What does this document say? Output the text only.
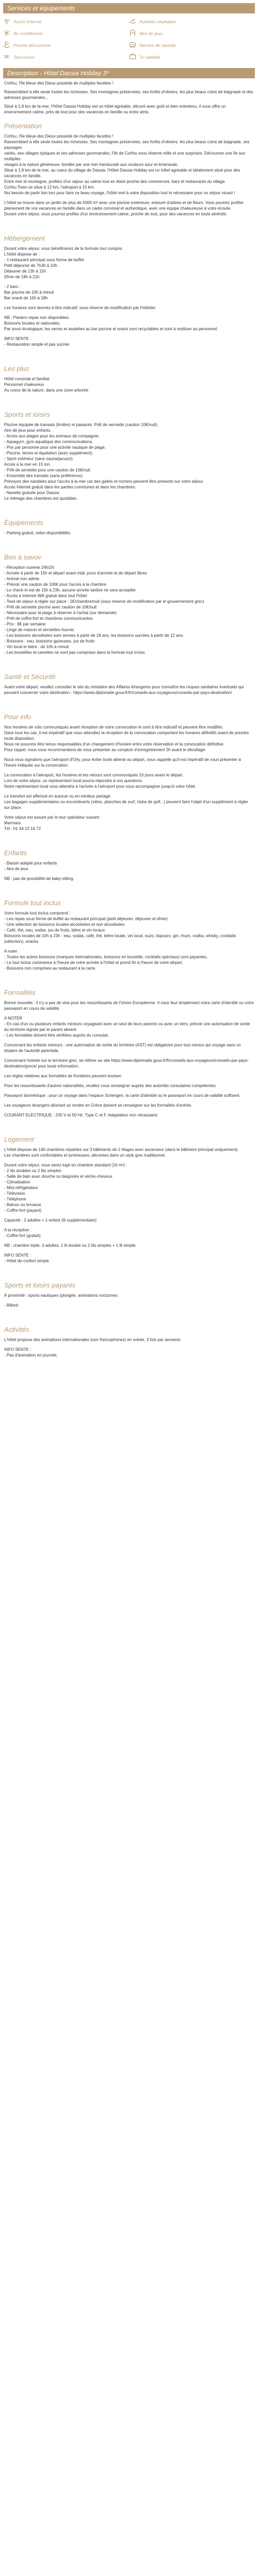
Services et équipements
Accès Internet	Activités nautiques
Air conditionné	Aire de jeux
Piscine découverte	Service de navette
Tout inclus	Tv satellite
Description - Hôtel Dassia Holiday 3*

Corfou, l'île bleue des Dieux possède de multiples facettes !

Rassemblant à elle seule toutes les richesses. Ses montagnes préservées, ses forêts d'oliviers, les plus beaux coins de baignade et des adresses gourmandes...

Situé à 1.8 km de la mer, l'Hôtel Dassia Holiday est un hôtel agréable, décoré avec goût et bien entretenu, il vous offre un environnement calme, près de tout pour des vacances en famille ou entre amis.

Présentation
Corfou, l'île bleue des Dieux possède de multiples facettes !
Rassemblant à elle seule toutes les richesses. Ses montagnes préservées, ses forêts d'oliviers, les plus beaux coins de baignade, ses paysages
variés, ses villages typiques et ses adresses gourmandes, l'île de Corfou vous réserve mille et une surprises. Découvrez une île aux multiples
visages à la nature généreuse, bordée par une mer translucide aux couleurs azur et émeraude.
Situé à 1.8 km de la mer, au coeur du village de Dassia, l'Hôtel Dassia Holiday est un hôtel agréable et idéalement situé pour des
vacances en famille.
Entre mer et montagne, profitez d'un séjour au calme tout en étant proche des commerces, bars et restaurants du village.
Corfou Town se situe à 12 km, l'aéroport à 15 km.
Nul besoin de partir loin lors pour faire ce beau voyage, l'hôtel met à votre disposition tout le nécessaire pour un séjour réussi !
L'hôtel se trouve dans un jardin de plus de 5000 m² avec une piscine extérieure, entouré d'arbres et de fleurs. Vous pourrez profiter
pleinement de vos vacances en famille dans un cadre convivial et authentique, avec une équipe chaleureuse à votre écoute.
Durant votre séjour, vous pourrez profiter d'un environnement calme, proche de tout, pour des vacances en toute sérénité.
Hébergement
Durant votre séjour, vous bénéficierez de la formule tout compris.
L'hôtel dispose de :
- 1 restaurant principal sous forme de buffet
Petit déjeuner de 7h30 à 10h
Déjeuner de 13h à 15h
Dîner de 19h à 21h
- 2 bars :
Bar piscine de 10h à minuit
Bar snack de 10h à 18h
Les horaires sont donnés à titre indicatif, sous réserve de modification par l'hôtelier.
NB : Paniers repas non disponibles.
Boissons locales et nationales.
Par souci écologique, les verres et assiettes au bar piscine et snack sont recyclables et sont à restituer au personnel.
INFO SENTE :
- Restauration simple et pas sucrée.
Les plus
Hôtel convivial et familial
Personnel chaleureux
Au coeur de la nature, dans une zone arborée
Sports et loisirs
Piscine équipée de transats (limités) et parasols. Prêt de serviette (caution 10€/nuit).
Aire de jeux pour enfants.
- Accès aux plages pour les animaux de compagnie.
- Aquagym, gym aquatique des communications.
- Prix par personne pour une activité nautique de plage.
- Piscine, tennis et équitation (avec supplément).
- Sport extérieur (sans sauna/jacuzzi).
Accès à la mer en 15 mn.
- Prêt de serviette pour une caution de 10€/nuit.
- Ensemble des transats (sans préférence).
Prévoyez des sandales pour l'accès à la mer car des galets et rochers peuvent être présents sur votre séjour.
Accès Internet gratuit dans les parties communes et dans les chambres.
- Navette gratuite pour Dassia.
Le ménage des chambres est quotidien.
Équipements
- Parking gratuit, selon disponibilités
Bon à savoir
- Réception ouverte 24h/24
- Arrivée à partir de 15h et départ avant midi, jours d'arrivée et de départ libres
- Animal non admis
- Prévoir une caution de 100€ pour l'accès à la chambre
- Le check-in est de 15h à 23h, aucune arrivée tardive ne sera acceptée
- Accès à Internet Wifi gratuit dans tout l'hôtel
- Taxe de séjour à régler sur place : 1€/chambre/nuit (sous réserve de modification par le gouvernement grec)
- Prêt de serviette piscine avec caution de 10€/nuit
- Nécessaire pour la plage à réserver à l'achat (sur demande)
- Prêt de coffre-fort et chambres communicantes
- Prix : 8€ par semaine
- Linge de maison et serviettes fournis
- Les boissons alcoolisées sont servies à partir de 18 ans, les boissons sucrées à partir de 12 ans.
- Boissons : eau, boissons gazeuses, jus de fruits
- Vin local et bière : de 10h à minuit
- Les bouteilles et canettes ne sont pas comprises dans la formule tout inclus.
Santé et Sécurité
Avant votre départ, veuillez consulter le site du ministère des Affaires étrangères pour connaître les risques sanitaires éventuels qui peuvent concerner votre destination : https://www.diplomatie.gouv.fr/fr/conseils-aux-voyageurs/conseils-par-pays-destination/
Pour info
Nos horaires de vols communiqués avant réception de votre convocation le sont à titre indicatif et peuvent être modifiés.
Dans tous les cas, il est impératif que vous attendiez la réception de la convocation comportant les horaires définitifs avant de prendre toute disposition.
Nous ne pouvons être tenus responsables d'un changement d'horaire entre votre réservation et la convocation définitive.
Pour rappel, nous vous recommandons de vous présenter au comptoir d'enregistrement 2h avant le décollage.
Nous vous signalons que l'aéroport d'Orly, pour éviter toute attente au départ, vous rappelle qu'il est impératif de vous présenter à l'heure indiquée sur la convocation.
La convocation à l'aéroport, les horaires et les retours sont communiqués 10 jours avant le départ.
Lors de votre séjour, un représentant local pourra répondre à vos questions.
Notre représentant local vous attendra à l'arrivée à l'aéroport pour vous accompagner jusqu'à votre hôtel.
Le transfert est effectué en autocar ou en minibus partagé.
Les bagages supplémentaires ou encombrants (vélos, planches de surf, clubs de golf...) peuvent faire l'objet d'un supplément à régler sur place.
Votre séjour est assuré par le tour opérateur suivant :
Marmara
Tél : 01 44 13 16 72
Enfants
- Bassin adapté pour enfants
- Aire de jeux
NB : pas de possibilité de baby-sitting.
Formule tout inclus
Votre formule tout inclus comprend :
- Les repas sous forme de buffet au restaurant principal (petit déjeuner, déjeuner et dîner)
- Une sélection de boissons locales alcoolisées et non alcoolisées
- Café, thé, eau, sodas, jus de fruits, bière et vin locaux
Boissons locales de 10h à 23h : eau, sodas, café, thé, bière locale, vin local, ouzo, tsipouro, gin, rhum, vodka, whisky, cocktails (sélection), snacks
A noter :
- Toutes les autres boissons (marques internationales, boissons en bouteille, cocktails spéciaux) sont payantes.
- Le tout inclus commence à l'heure de votre arrivée à l'hôtel et prend fin à l'heure de votre départ.
- Boissons non comprises au restaurant à la carte.
Formalités
Bonne nouvelle : il n'y a pas de visa pour les ressortissants de l'Union Européenne. Il vous faut simplement votre carte d'identité ou votre passeport en cours de validité.
A NOTER
- En cas d'un ou plusieurs enfants mineurs voyageant avec un seul de leurs parents ou avec un tiers, prévoir une autorisation de sortie du territoire signée par le parent absent.
- Les formalités doivent être vérifiées auprès du consulat.
Concernant les enfants mineurs : une autorisation de sortie du territoire (AST) est obligatoire pour tout mineur qui voyage sans un titulaire de l'autorité parentale.
Concernant l'entrée sur le territoire grec, se référer au site https://www.diplomatie.gouv.fr/fr/conseils-aux-voyageurs/conseils-par-pays-destination/grece/ pour toute information.
Les règles relatives aux formalités de frontières peuvent évoluer.
Pour les ressortissants d'autres nationalités, veuillez vous renseigner auprès des autorités consulaires compétentes.
Passeport biométrique : pour un voyage dans l'espace Schengen, la carte d'identité ou le passeport en cours de validité suffisent.
Les voyageurs étrangers désirant se rendre en Grèce doivent se renseigner sur les formalités d'entrée.
COURANT ELECTRIQUE : 230 V et 50 Hz. Type C et F. Adaptateur non nécessaire.
Logement
L'hôtel dispose de 140 chambres réparties sur 3 bâtiments de 2 étages avec ascenseur (dans le bâtiment principal uniquement).
Les chambres sont confortables et lumineuses, décorées dans un style grec traditionnel.
Durant votre séjour, vous serez logé en chambre standard (16 m²) :
- 2 lits doubles ou 2 lits simples
- Salle de bain avec douche ou baignoire et sèche-cheveux
- Climatisation
- Mini-réfrigérateur
- Télévision
- Téléphone
- Balcon ou terrasse
- Coffre-fort (payant)
Capacité : 2 adultes + 1 enfant (lit supplémentaire)
A la réception :
- Coffre-fort (gratuit)
NB : chambre triple, 3 adultes, 1 lit double ou 2 lits simples + 1 lit simple.
INFO SENTE :
- Hôtel de confort simple.
Sports et loisirs payants
À proximité : sports nautiques (plongée, animations nocturnes.
- Billard
Activités
L'hôtel propose des animations internationales (non francophones) en soirée, 3 fois par semaine.
INFO SENTE :
- Pas d'animation en journée.
